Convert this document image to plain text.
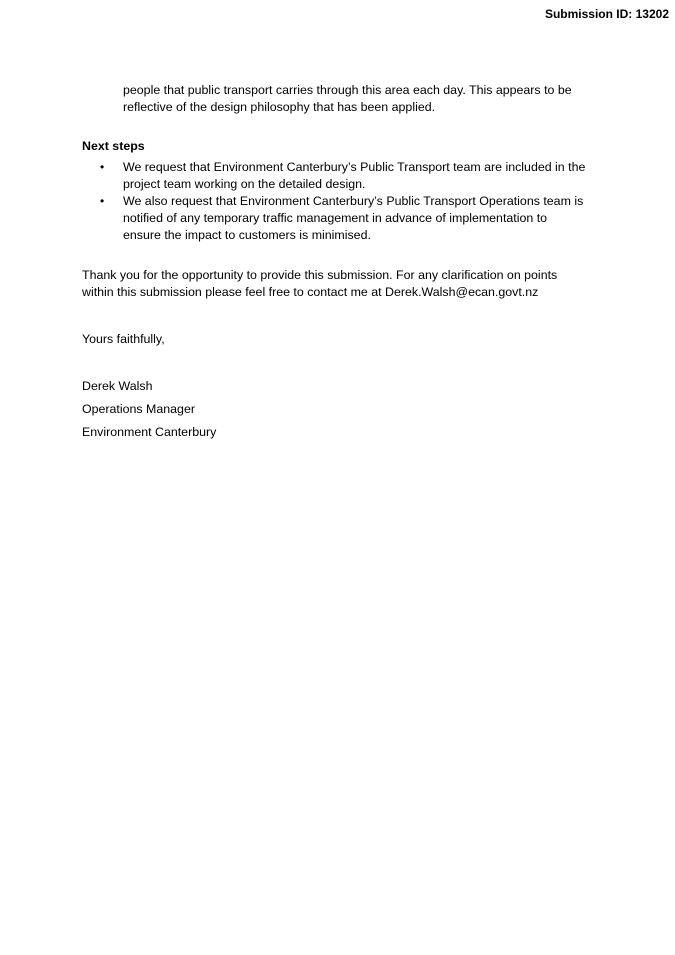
Submission ID: 13202
people that public transport carries through this area each day. This appears to be
reflective of the design philosophy that has been applied.
Next steps
• We request that Environment Canterbury’s Public Transport team are included in the
project team working on the detailed design.
• We also request that Environment Canterbury’s Public Transport Operations team is
notified of any temporary traffic management in advance of implementation to
ensure the impact to customers is minimised.
Thank you for the opportunity to provide this submission. For any clarification on points
within this submission please feel free to contact me at Derek.Walsh@ecan.govt.nz
Yours faithfully,
Derek Walsh
Operations Manager
Environment Canterbury
